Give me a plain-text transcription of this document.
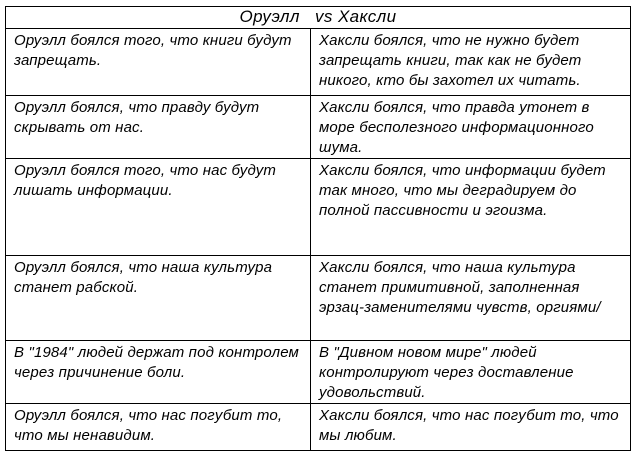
Оруэлл vs Хаксли	
Оруэлл боялся того, что книги будут запрещать.	Хаксли боялся, что не нужно будет запрещать книги, так как не будет никого, кто бы захотел их читать.
Оруэлл боялся, что правду будут скрывать от нас.	Хаксли боялся, что правда утонет в море бесполезного информационного шума.
Оруэлл боялся того, что нас будут лишать информации.	Хаксли боялся, что информации будет так много, что мы деградируем до полной пассивности и эгоизма.
Оруэлл боялся, что наша культура станет рабской.	Хаксли боялся, что наша культура станет примитивной, заполненная эрзац-заменителями чувств, оргиями/
В "1984" людей держат под контролем через причинение боли.	В "Дивном новом мире" людей контролируют через доставление удовольствий.
Оруэлл боялся, что нас погубит то, что мы ненавидим.	Хаксли боялся, что нас погубит то, что мы любим.
